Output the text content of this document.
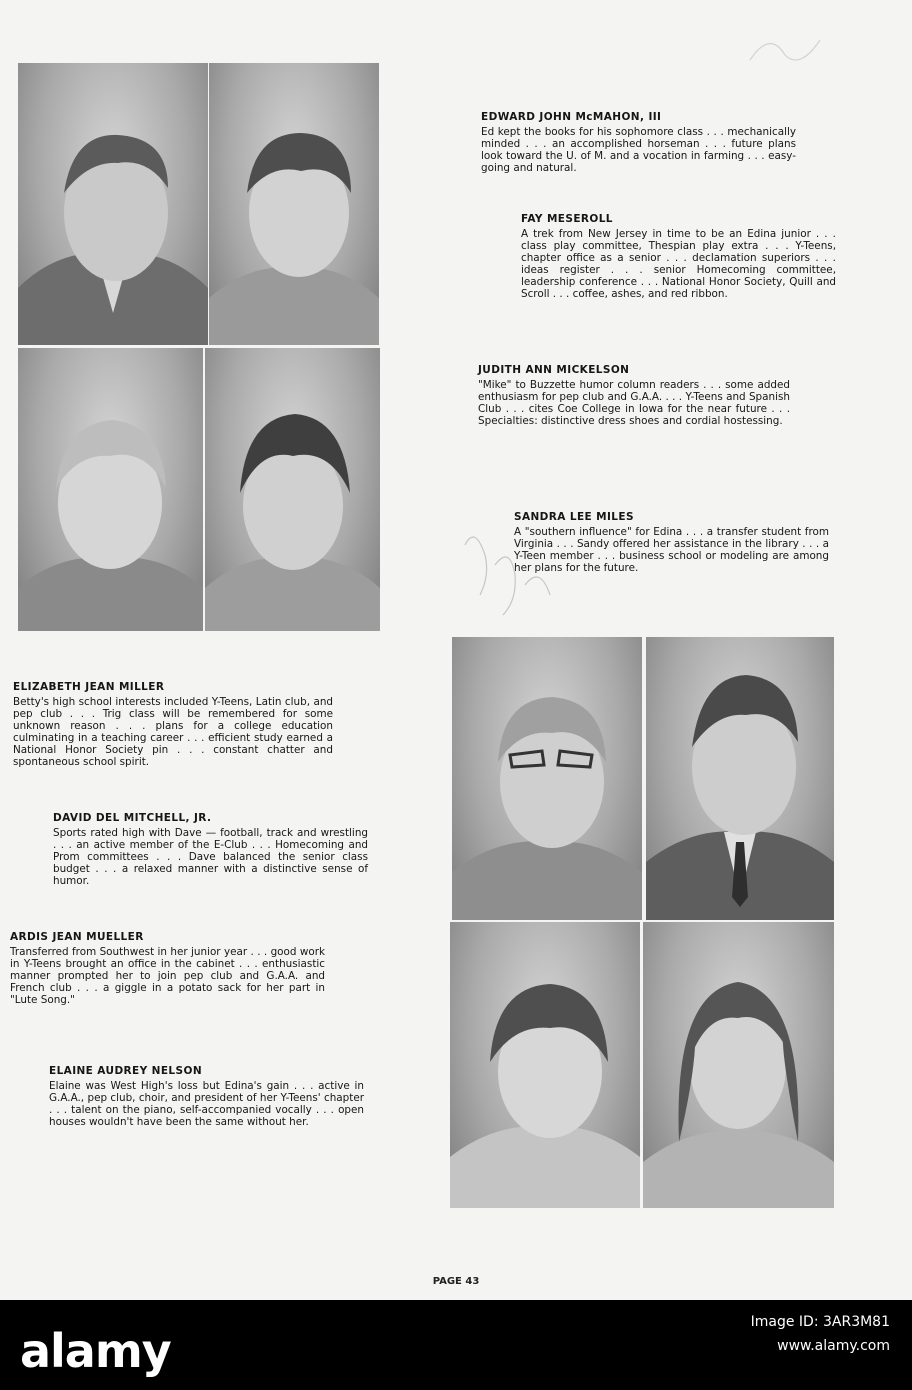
EDWARD JOHN McMAHON, III

Ed kept the books for his sophomore class . . . mechanically minded . . . an accomplished horseman . . . future plans look toward the U. of M. and a vocation in farming . . . easy-going and natural.

FAY MESEROLL

A trek from New Jersey in time to be an Edina junior . . . class play committee, Thespian play extra . . . Y-Teens, chapter office as a senior . . . declamation superiors . . . ideas register . . . senior Homecoming committee, leadership conference . . . National Honor Society, Quill and Scroll . . . coffee, ashes, and red ribbon.

JUDITH ANN MICKELSON

"Mike" to Buzzette humor column readers . . . some added enthusiasm for pep club and G.A.A. . . . Y-Teens and Spanish Club . . . cites Coe College in Iowa for the near future . . . Specialties: distinctive dress shoes and cordial hostessing.

SANDRA LEE MILES

A "southern influence" for Edina . . . a transfer student from Virginia . . . Sandy offered her assistance in the library . . . a Y-Teen member . . . business school or modeling are among her plans for the future.

ELIZABETH JEAN MILLER

Betty's high school interests included Y-Teens, Latin club, and pep club . . . Trig class will be remembered for some unknown reason . . . plans for a college education culminating in a teaching career . . . efficient study earned a National Honor Society pin . . . constant chatter and spontaneous school spirit.

DAVID DEL MITCHELL, JR.

Sports rated high with Dave — football, track and wrestling . . . an active member of the E-Club . . . Homecoming and Prom committees . . . Dave balanced the senior class budget . . . a relaxed manner with a distinctive sense of humor.

ARDIS JEAN MUELLER

Transferred from Southwest in her junior year . . . good work in Y-Teens brought an office in the cabinet . . . enthusiastic manner prompted her to join pep club and G.A.A. and French club . . . a giggle in a potato sack for her part in "Lute Song."

ELAINE AUDREY NELSON

Elaine was West High's loss but Edina's gain . . . active in G.A.A., pep club, choir, and president of her Y-Teens' chapter . . . talent on the piano, self-accompanied vocally . . . open houses wouldn't have been the same without her.

PAGE 43
alamy
Image ID: 3AR3M81
www.alamy.com
